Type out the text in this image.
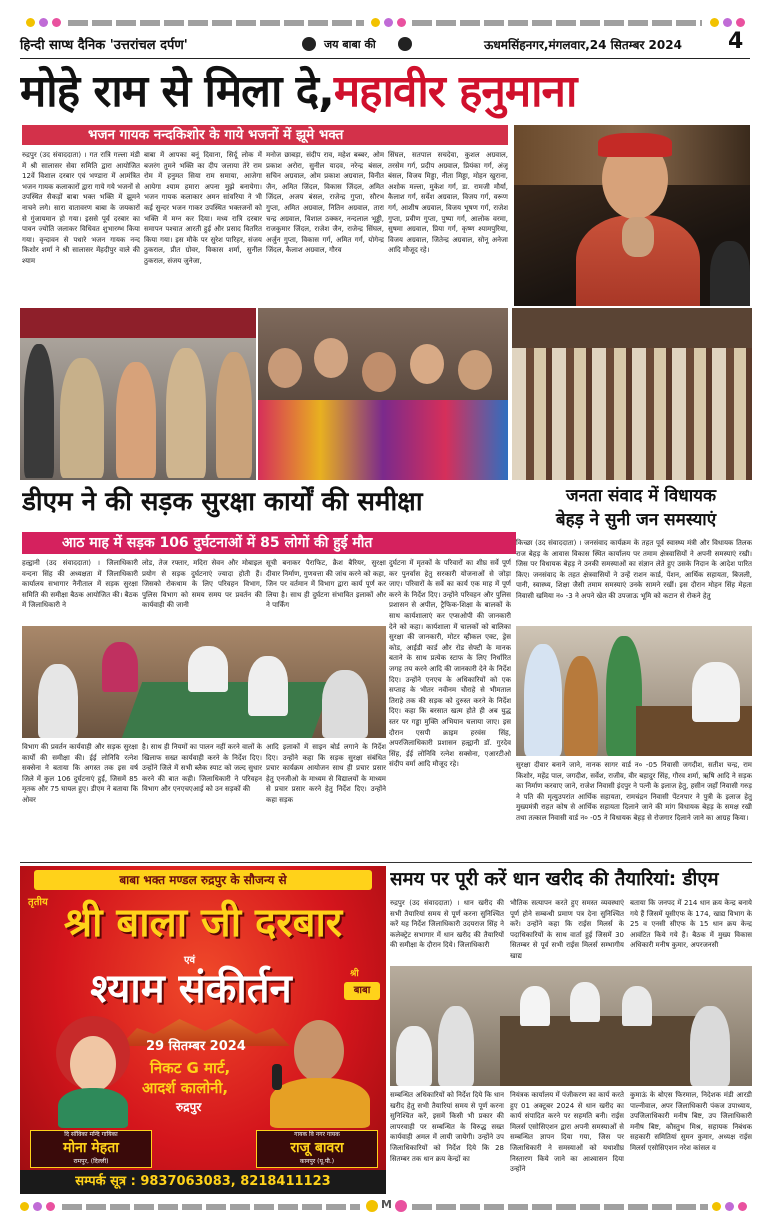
हिन्दी साप्ध दैनिक 'उत्तरांचल दर्पण'	जय बाबा की	ऊधमसिंहनगर,मंगलवार,24 सितम्बर 2024 4
मोहे राम से मिला दे,महावीर हनुमाना
भजन गायक नन्दकिशोर के गाये भजनों में झूमे भक्त
रुद्रपुर (उद संवाददाता) । गत रात्रि गल्ला मंडी में श्री सालासर सेवा समिति द्वारा आयोजित 12वें विशाल दरबार एवं भण्डारा में आमंत्रित भजन गायक कलाकारों द्वारा गाये गये भजनों से उपस्थित सैकड़ों बाबा भक्त भक्ति में झूमने नाचने लगे। सारा वातावरण बाबा के जयकारों से गुंजायमान हो गया। इससे पूर्व दरबार का पावन ज्योति जलाकर विधिवत शुभारम्भ किया गया। वृन्दावन से पधारे भजन गायक नन्द किशोर शर्मा ने श्री सालासर मेंहदीपुर वाले की श्याम
बाबा में आपका बनूं दिवाना, सिर्दू लोक में बजरंग तुमने भक्ति का दीप जलाया तेरे राम रोम में हनुमत सिया राम समाया, आजेगा आयेगा श्याम हमारा अपना मुझे बनायेगा। भजन गायक कलाकार अमन सांवरिया ने भी कई सुन्दर भजन गाकर उपस्थित भक्तजनों को भक्ति में मग्न कर दिया। मध्य रात्रि दरबार समापन पश्चात आरती हुई और प्रसाद वितरित किया गया। इस मौके पर सुरेश पारिहर, संजय ठुकराल, प्रीत ग्रोवर, विकास शर्मा, सुनील ठुकराल, संजय जुनेजा,
मनोज छाबड़ा, संदीप राव, महेश बब्बर, ओम प्रकाश अरोरा, सुनील यादव, नरेन्द्र बंसल, सचिन अग्रवाल, ओम प्रकाश अग्रवाल, विनीत जैन, अमित जिंदल, विकास जिंदल, अमित जिंदल, अजय बंसल, राजेन्द्र गुप्ता, सौरभ गुप्ता, अमित अग्रवाल, नितिन अग्रवाल, तारा चन्द्र अग्रवाल, विशाल ठक्कर, नन्दलाल भूड्डी, राजकुमार जिंदल, राजेश जैन, राजेन्द्र सिंघल, अर्जुन गुप्ता, विकास गर्ग, अमित गर्ग, योगेन्द्र जिंदल, कैलाश अग्रवाल, गौरव
सिंघल, सतपाल सचदेवा, कुशल अग्रवाल, तरसेम गर्ग, प्रदीप अग्रवाल, प्रियंका गर्ग, अंजू बंसल, विजय मिड्डा, नीता मिड्डा, मोहन खुराना, अशोक मल्ला, मुकेश गर्ग, डा. रामजी मौर्या, कैलाश गर्ग, सर्वेश अग्रवाल, विजय गर्ग, वरूण गर्ग, आशीष अग्रवाल, विजय भूषण गर्ग, राजेश गुप्ता, प्रवीण गुप्ता, पुष्पा गर्ग, आलोक वरमा, सुषमा अग्रवाल, प्रिया गर्ग, कृष्ण श्यामपुरिया, विजय अग्रवाल, जितेन्द्र अग्रवाल, सोनू अनेजा आदि मौजूद रहे।
डीएम ने की सड़क सुरक्षा कार्यों की समीक्षा
आठ माह में सड़क 106 दुर्घटनाओं में 85 लोगों की हुई मौत
हल्द्वानी (उद संवाददाता) । जिलाधिकारी वन्दना सिंह की अध्यक्षता में जिलाधिकारी कार्यालय सभागार नैनीताल में सड़क सुरक्षा समिति की समीक्षा बैठक आयोजित की। बैठक में जिलाधिकारी ने
लोड, तेज रफ्तार, मदिरा सेवन और मोबाइल प्रयोग से सड़क दुर्घटनाएं ज्यादा होती हैं। जिसको रोकथाम के लिए परिवहन विभाग, पुलिस विभाग को समय समय पर प्रवर्तन की कार्यवाही की जानी
सूची बनाकर पैराफिट, क्रैश बैरियर, सुरक्षा दीवार निर्माण, गुणवत्ता की जांच करने को कहा, जिन पर वर्तमान में विभाग द्वारा कार्य पूर्ण कर लिया है। साथ ही दुर्घटना संभावित इलाकों और ने पार्किंग
दुर्घटना में मृतकों के परिवारों का शीघ्र सर्वे पूर्ण कर पुनर्वास हेतु सरकारी योजनाओं से जोड़ा जाए। परिवारों के सर्वे का कार्य एक माह में पूर्ण करने के निर्देश दिए। उन्होंने परिवहन और पुलिस प्रशासन से अपील, ट्रैफिक-शिक्षा के बालकों के साथ कार्यशालाएं कर एप्सओपी की जानकारी देने को कहा। कार्यशाला में चालकों को बालिका सुरक्षा की जानकारी, मोटर व्हीकल एक्ट, ड्रेस कोड, आईडी कार्ड और रोड सेफ्टी के मानक बताने के साथ प्रत्येक स्टाफ के लिए निर्धारित जगह तय करने आदि की जानकारी देने के निर्देश दिए। उन्होंने एनएच के अधिकारियों को एक सप्ताह के भीतर नवीनम चौराहे से भीमताल तिराहे तक की सड़क को दुरुस्त करने के निर्देश दिए। कहा कि बरसात खत्म होते ही अब युद्ध स्तर पर गड्ढा मुक्ति अभियान चलाया जाए। इस दौरान एसपी क्राइम हरवंस सिंह, अपरजिलाधिकारी प्रशासन हल्द्वानी डॉ. गुरदेव सिंह, ईई लोनिवि रत्नेश सक्सेना, एआरटीओ संदीप वर्मा आदि मौजूद रहे।
विभाग की प्रवर्तन कार्यवाही और सड़क सुरक्षा कार्यों की समीक्षा की। ईई लोनिवि रत्नेश सक्सेना ने बताया कि अगस्त तक इस वर्ष जिले में कुल 106 दुर्घटनाएं हुईं, जिसमें 85 मृतक और 75 घायल हुए। डीएम ने बताया कि ओवर
है। साथ ही नियमों का पालन नहीं करने वालों के खिलाफ सख्त कार्यवाही करने के निर्देश दिए। उन्होंने जिले में सभी ब्लैक स्पाट को जल्द सुधार करने की बात कही। जिलाधिकारी ने परिवहन विभाग और एनएचएआई को उन सड़कों की
आदि इलाकों में साइन बोर्ड लगाने के निर्देश दिए। उन्होंने कहा कि सड़क सुरक्षा संबंधित प्रचार कार्यक्रम आयोजन साथ ही प्रचार प्रसार हेतु एनजीओ के माध्यम से विद्यालयों के माध्यम से प्रचार प्रसार करने हेतु निर्देश दिए। उन्होंने कहा सड़क
जनता संवाद में विधायक
बेहड़ ने सुनी जन समस्याएं
किच्छा (उद संवाददाता) । जनसंवाद कार्यक्रम के तहत पूर्व स्वास्थ्य मंत्री और विधायक तिलक राज बेहड़ के आवास विकास स्थित कार्यालय पर तमाम क्षेत्रवासियों ने अपनी समस्याएं रखी। जिस पर विधायक बेहड़ ने उनकी समस्याओं का संज्ञान लेते हुए उसके निदान के आदेश पारित किए। जनसंवाद के तहत क्षेत्रवासियों ने उन्हें राशन कार्ड, पेंशन, आर्थिक सहायता, बिजली, पानी, स्वास्थ्य, शिक्षा जैसी तमाम समस्याएं उनके सामने रखीं। इस दौरान मोहन सिंह मेहता निवासी खमिया न० -3 ने अपने खेत की उपजाऊ भूमि को कटान से रोकने हेतु
सुरक्षा दीवार बनाने जाने, नानक सागर वार्ड न० -05 निवासी जगदीश, सतीश चन्द्र, राम किशोर, महेंद्र पाल, जगदीश, सर्वेश, राजीव, वीर बहादुर सिंह, गौरव शर्मा, ऋषि आदि ने सड़क का निर्माण करवाए जाने, राजेश निवासी इंदपुर ने पत्नी के इलाज हेतु, हसीन जहाँ निवासी गरुड़ ने पति की मृत्युउपरांत आर्थिक सहायता, रामचंद्रन निवासी पेंटनपार ने पुत्री के इलाज हेतु मुख्यमंत्री राहत कोष से आर्थिक सहायता दिलाने जाने की मांग विधायक बेहड़ के समक्ष रखी तथा तत्काल निवासी वार्ड न० -05 ने विधायक बेहड़ से रोजगार दिलाने जाने का आग्रह किया।
बाबा भक्त मण्डल रुद्रपुर के सौजन्य से
तृतीय श्री बाला जी दरबार
एवं
श्याम संकीर्तन	श्री
बाबा
29 सितम्बर 2024
निकट G मार्ट,
आदर्श कालोनी,
रुद्रपुर
दि सॉविका मन्दि गायिका
मोना मेहता
रामपुर, (दिल्ली)
गायक वि नगर गायक
राजू बावरा
कानपुर (यू.पी.)
सम्पर्क सूत्र : 9837063083, 8218411123
समय पर पूरी करें धान खरीद की तैयारियां: डीएम
रुद्रपुर (उद संवाददाता) । धान खरीद की सभी तैयारियां समय से पूर्ण करना सुनिश्चित करें यह निर्देश जिलाधिकारी उदयराज सिंह ने कलेक्ट्रेट सभागार में धान खरीद की तैयारियों की समीक्षा के दौरान दिये। जिलाधिकारी
भौतिक सत्यापन करते हुए समस्त व्यवस्थाएं पूर्ण होने सम्बन्धी प्रमाण पत्र देना सुनिश्चित करें। उन्होंने कहा कि राईस मिलर्स के पदाधिकारियों के साथ वार्ता हुई जिसमें 30 सितम्बर से पूर्व सभी राईस मिलर्स सम्भागीय खाद्य
बताया कि जनपद में 214 धान क्रय केन्द्र बनाये गये हैं जिसमें यूसीएफ के 174, खाद्य विभाग के 25 व एनसी सीएफ के 15 धान क्रय केन्द्र आवंटित किये गये हैं। बैठक में मुख्य विकास अधिकारी मनीष कुमार, अपरजनसी
सम्बन्धित अधिकारियों को निर्देश दिये कि धान खरीद हेतु सभी तैयारियां समय से पूर्ण करना सुनिश्चित करें, इसमें किसी भी प्रकार की लापरवाही पर सम्बन्धित के विरुद्ध सख्त कार्यवाही अमल में लायी जायेगी। उन्होंने उप जिलाधिकारियों को निर्देश दिये कि 28 सितम्बर तक धान क्रय केन्द्रों का
नियंत्रक कार्यालय में पंजीकरण का कार्य करते हुए 01 अक्टूबर 2024 से धान खरीद का कार्य संपादित करने पर सहमति बनी। राईस मिलर्स एसोसिएशन द्वारा अपनी समस्याओं से सम्बन्धित ज्ञापन दिया गया, जिस पर जिलाधिकारी ने समस्याओं को यथाशीघ्र निस्तारण किये जाने का आश्वासन दिया उन्होंने
कुमाऊं के बोएस फिरमाल, निदेशक मंडी आरडी पाल्नीवाल, अपर जिलाधिकारी पंकज उपाध्याय, उपजिलाधिकारी मनीष बिष्ट, उप जिलाधिकारी मनीष बिष्ट, कौस्तुभ मिश्र, सहायक निबंधक सहकारी समितियां सुमन कुमार, अध्यक्ष राईस मिलर्स एसोसिएशन नरेश कांसल व
M
